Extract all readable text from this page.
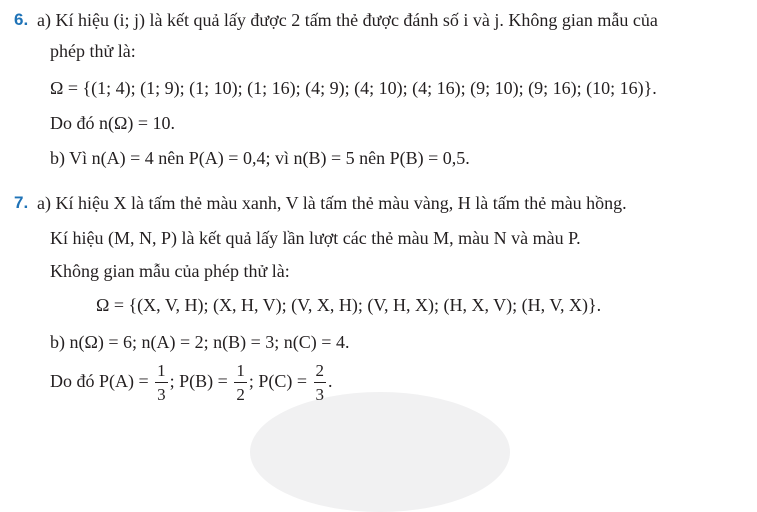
6. a) Kí hiệu (i; j) là kết quả lấy được 2 tấm thẻ được đánh số i và j. Không gian mẫu của
phép thử là:
Ω = {(1; 4); (1; 9); (1; 10); (1; 16); (4; 9); (4; 10); (4; 16); (9; 10); (9; 16); (10; 16)}.
Do đó n(Ω) = 10.
b) Vì n(A) = 4 nên P(A) = 0,4; vì n(B) = 5 nên P(B) = 0,5.
7. a) Kí hiệu X là tấm thẻ màu xanh, V là tấm thẻ màu vàng, H là tấm thẻ màu hồng.
Kí hiệu (M, N, P) là kết quả lấy lần lượt các thẻ màu M, màu N và màu P.
Không gian mẫu của phép thử là:
Ω = {(X, V, H); (X, H, V); (V, X, H); (V, H, X); (H, X, V); (H, V, X)}.
b) n(Ω) = 6; n(A) = 2; n(B) = 3; n(C) = 4.
Do đó $P(A) = \frac{1}{3}$ ; $P(B) = \frac{1}{2}$ ; $P(C) = \frac{2}{3}$ .
